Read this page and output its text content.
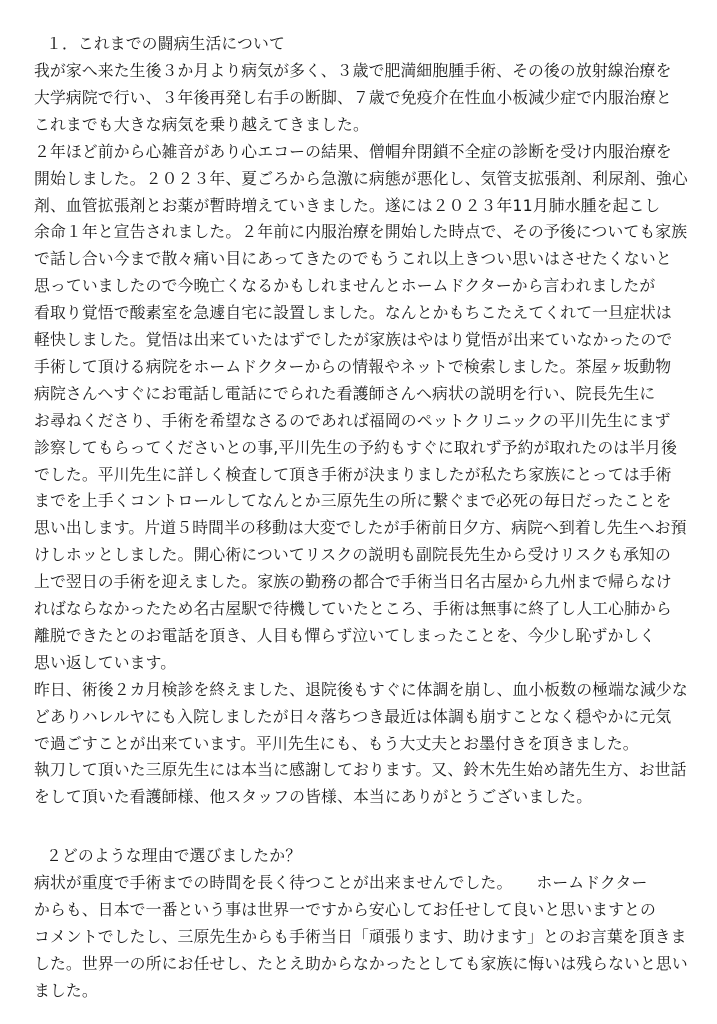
１．これまでの闘病生活について
我が家へ来た生後３か月より病気が多く、３歳で肥満細胞腫手術、その後の放射線治療を
大学病院で行い、３年後再発し右手の断脚、７歳で免疫介在性血小板減少症で内服治療と
これまでも大きな病気を乗り越えてきました。
２年ほど前から心雑音があり心エコーの結果、僧帽弁閉鎖不全症の診断を受け内服治療を
開始しました。２０２３年、夏ごろから急激に病態が悪化し、気管支拡張剤、利尿剤、強心
剤、血管拡張剤とお薬が暫時増えていきました。遂には２０２３年11月肺水腫を起こし
余命１年と宣告されました。２年前に内服治療を開始した時点で、その予後についても家族
で話し合い今まで散々痛い目にあってきたのでもうこれ以上きつい思いはさせたくないと
思っていましたので今晩亡くなるかもしれませんとホームドクターから言われましたが
看取り覚悟で酸素室を急遽自宅に設置しました。なんとかもちこたえてくれて一旦症状は
軽快しました。覚悟は出来ていたはずでしたが家族はやはり覚悟が出来ていなかったので
手術して頂ける病院をホームドクターからの情報やネットで検索しました。茶屋ヶ坂動物
病院さんへすぐにお電話し電話にでられた看護師さんへ病状の説明を行い、院長先生に
お尋ねくださり、手術を希望なさるのであれば福岡のペットクリニックの平川先生にまず
診察してもらってくださいとの事,平川先生の予約もすぐに取れず予約が取れたのは半月後
でした。平川先生に詳しく検査して頂き手術が決まりましたが私たち家族にとっては手術
までを上手くコントロールしてなんとか三原先生の所に繋ぐまで必死の毎日だったことを
思い出します。片道５時間半の移動は大変でしたが手術前日夕方、病院へ到着し先生へお預
けしホッとしました。開心術についてリスクの説明も副院長先生から受けリスクも承知の
上で翌日の手術を迎えました。家族の勤務の都合で手術当日名古屋から九州まで帰らなけ
ればならなかったため名古屋駅で待機していたところ、手術は無事に終了し人工心肺から
離脱できたとのお電話を頂き、人目も憚らず泣いてしまったことを、今少し恥ずかしく
思い返しています。
昨日、術後２カ月検診を終えました、退院後もすぐに体調を崩し、血小板数の極端な減少な
どありハレルヤにも入院しましたが日々落ちつき最近は体調も崩すことなく穏やかに元気
で過ごすことが出来ています。平川先生にも、もう大丈夫とお墨付きを頂きました。
執刀して頂いた三原先生には本当に感謝しております。又、鈴木先生始め諸先生方、お世話
をして頂いた看護師様、他スタッフの皆様、本当にありがとうございました。
２どのような理由で選びましたか？
病状が重度で手術までの時間を長く待つことが出来ませんでした。　　ホームドクター
からも、日本で一番という事は世界一ですから安心してお任せして良いと思いますとの
コメントでしたし、三原先生からも手術当日「頑張ります、助けます」とのお言葉を頂きま
した。世界一の所にお任せし、たとえ助からなかったとしても家族に悔いは残らないと思い
ました。
